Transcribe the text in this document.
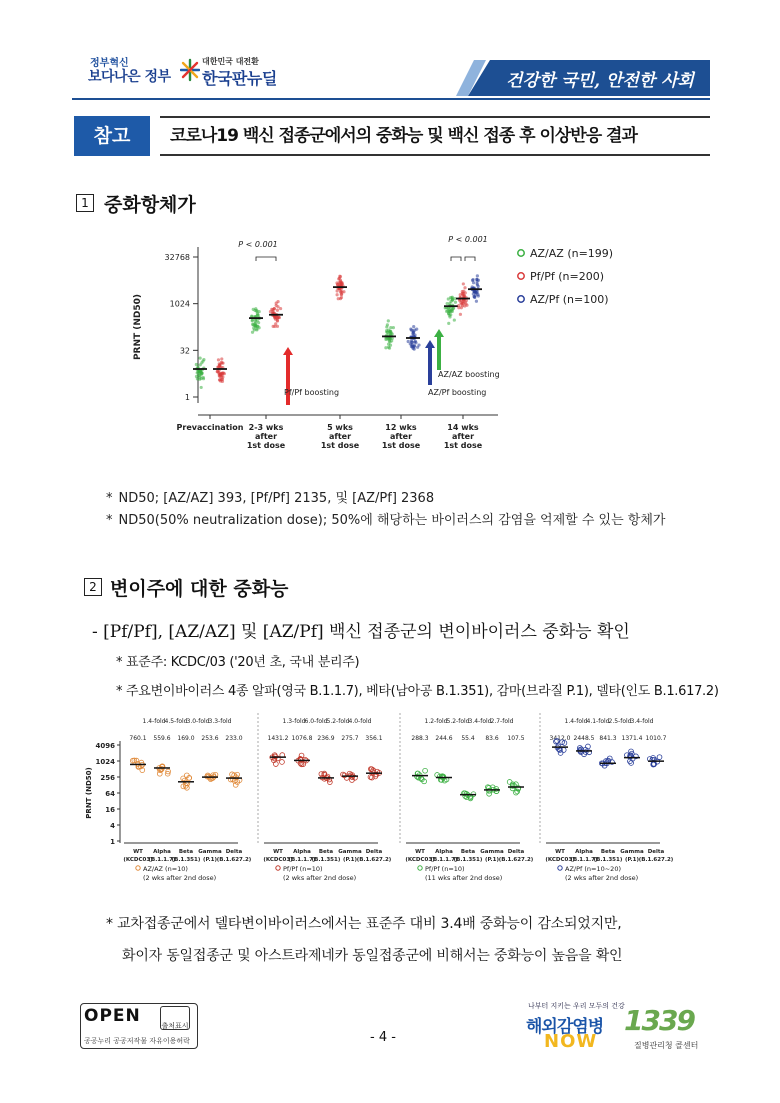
정부혁신
보다나은 정부
대한민국 대전환
한국판뉴딜	건강한 국민, 안전한 사회
참고	코로나19 백신 접종군에서의 중화능 및 백신 접종 후 이상반응 결과
1 중화항체가
1
32
1024
32768
PRNT (ND50)
Prevaccination 2-3 wks
after
1st dose
5 wks
after
1st dose
12 wks
after
1st dose
14 wks
after
1st dose
P < 0.001
P < 0.001
Pf/Pf boosting
AZ/AZ boosting
AZ/Pf boosting
AZ/AZ (n=199)
Pf/Pf (n=200)
AZ/Pf (n=100)
* ND50; [AZ/AZ] 393, [Pf/Pf] 2135, 및 [AZ/Pf] 2368
* ND50(50% neutralization dose); 50%에 해당하는 바이러스의 감염을 억제할 수 있는 항체가
2 변이주에 대한 중화능
- [Pf/Pf], [AZ/AZ] 및 [AZ/Pf] 백신 접종군의 변이바이러스 중화능 확인
* 표준주: KCDC/03 ('20년 초, 국내 분리주)
* 주요변이바이러스 4종 알파(영국 B.1.1.7), 베타(남아공 B.1.351), 감마(브라질 P.1), 델타(인도 B.1.617.2)
1
4
16
64
256
1024
4096
PRNT (ND50)
1.4-fold 4.5-fold 3.0-fold 3.3-fold
760.1
WT
(KCDC03)
559.6
Alpha
(B.1.1.7)
169.0
Beta
(B.1.351)
253.6
Gamma
(P.1)
233.0
Delta
(B.1.627.2)
AZ/AZ (n=10)
(2 wks after 2nd dose)
1.3-fold 6.0-fold 5.2-fold 4.0-fold
1431.2
WT
(KCDC03)
1076.8
Alpha
(B.1.1.7)
236.9
Beta
(B.1.351)
275.7
Gamma
(P.1)
356.1
Delta
(B.1.627.2)
Pf/Pf (n=10)
(2 wks after 2nd dose)
1.2-fold 5.2-fold 3.4-fold 2.7-fold
288.3
WT
(KCDC03)
244.6
Alpha
(B.1.1.7)
55.4
Beta
(B.1.351)
83.6
Gamma
(P.1)
107.5
Delta
(B.1.627.2)
Pf/Pf (n=10)
(11 wks after 2nd dose)
1.4-fold 4.1-fold 2.5-fold 3.4-fold
3412.0
WT
(KCDC03)
2448.5
Alpha
(B.1.1.7)
841.3
Beta
(B.1.351)
1371.4
Gamma
(P.1)
1010.7
Delta
(B.1.627.2)
AZ/Pf (n=10~20)
(2 wks after 2nd dose)
* 교차접종군에서 델타변이바이러스에서는 표준주 대비 3.4배 중화능이 감소되었지만,
화이자 동일접종군 및 아스트라제네카 동일접종군에 비해서는 중화능이 높음을 확인
OPEN	출처표시
공공누리 공공저작물 자유이용허락	- 4 -
나부터 지키는 우리 모두의 건강
해외감염병
NOW
1339
질병관리청 콜센터
